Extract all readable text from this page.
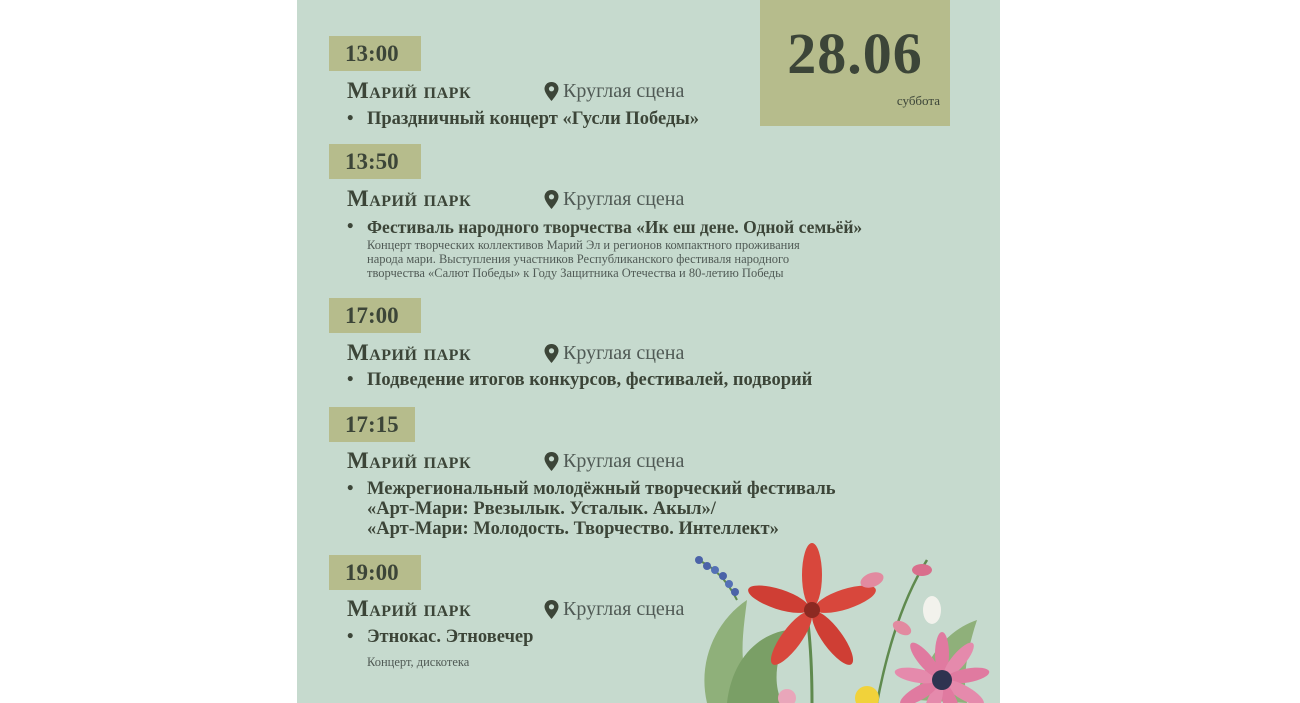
28.06
суббота
13:00
Марий парк	Круглая сцена
• Праздничный концерт «Гусли Победы»
13:50
Марий парк	Круглая сцена
• Фестиваль народного творчества «Ик еш дене. Одной семьёй»
Концерт творческих коллективов Марий Эл и регионов компактного проживания
народа мари. Выступления участников Республиканского фестиваля народного
творчества «Салют Победы» к Году Защитника Отечества и 80-летию Победы
17:00
Марий парк	Круглая сцена
• Подведение итогов конкурсов, фестивалей, подворий
17:15
Марий парк	Круглая сцена
• Межрегиональный молодёжный творческий фестиваль
«Арт-Мари: Рвезылык. Усталык. Акыл»/
«Арт-Мари: Молодость. Творчество. Интеллект»
19:00
Марий парк	Круглая сцена
• Этнокас. Этновечер
Концерт, дискотека
